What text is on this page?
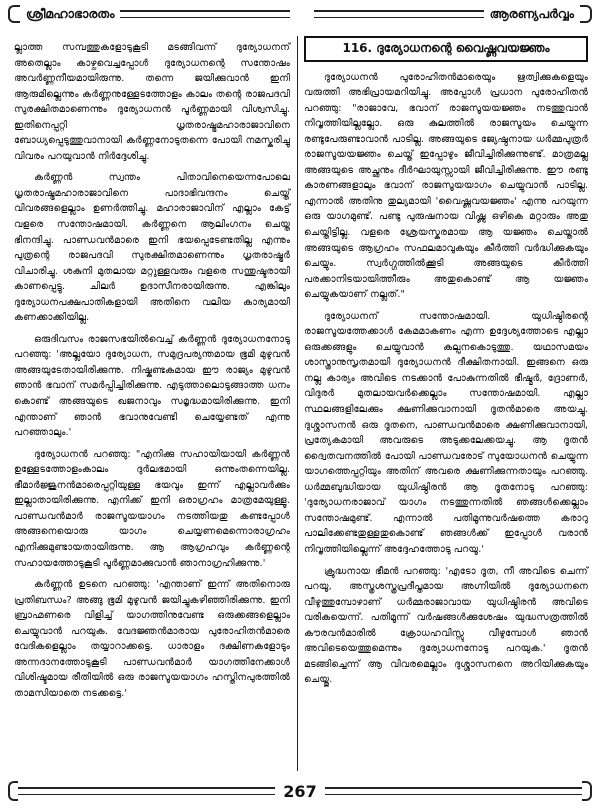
ശ്രീമഹാഭാരതം	ആരണ്യപർവ്വം

ല്ലാത്ത സമ്പത്തുകളോടുകൂടി മടങ്ങിവന്ന് ദുര്യോധനന് അതെല്ലാം കാഴ്ചവെച്ചപ്പോൾ ദുര്യോധനന്റെ സന്തോഷം അവർണ്ണനീയമായിരുന്നു. തന്നെ ജയിക്കുവാൻ ഇനി ആരുമില്ലെന്നും കർണ്ണനുള്ളേടത്തോളം കാലം തന്റെ രാജപദവി സുരക്ഷിതമാണെന്നും ദുര്യോധനൻ പൂർണ്ണമായി വിശ്വസിച്ചു. ഇതിനെപ്പറ്റി ധൃതരാഷ്ട്രമഹാരാജാവിനെ ബോധ്യപ്പെടുത്തുവാനായി കർണ്ണനോടുതന്നെ പോയി നമസ്കരിച്ചു വിവരം പറയുവാൻ നിർദ്ദേശിച്ചു.

കർണ്ണൻ സ്വന്തം പിതാവിനെയെന്നപോലെ ധൃതരാഷ്ട്രമഹാരാജാവിനെ പാദാഭിവന്ദനം ചെയ്ത് വിവരങ്ങളെല്ലാം ഉണർത്തിച്ചു. മഹാരാജാവിന് എല്ലാം കേട്ട് വളരെ സന്തോഷമായി. കർണ്ണനെ ആലിംഗനം ചെയ്ത ഭിനന്ദിച്ചു. പാണ്ഡവൻമാരെ ഇനി ഭയപ്പെടേണ്ടതില്ല എന്നും പുത്രന്റെ രാജപദവി സുരക്ഷിതമാണെന്നും ധൃതരാഷ്ട്രർ വിചാരിച്ചു. ശകുനി മുതലായ മറ്റുള്ളവരും വളരെ സന്തുഷ്ടരായി കാണപ്പെട്ടു. ചിലർ ഉദാസീനരായിരുന്നു. എങ്കിലും ദുര്യോധനപക്ഷപാതികളായി അതിനെ വലിയ കാര്യമായി കണക്കാക്കിയില്ല.

ഒരുദിവസം രാജസഭയിൽവെച്ച് കർണ്ണൻ ദുര്യോധനനോടു പറഞ്ഞു: 'അല്ലയോ ദുര്യോധന, സമുദ്രപര്യന്തമായ ഭൂമി മുഴുവൻ അങ്ങയുടേതായിരിക്കുന്നു. നിഷ്കണ്ടകമായ ഈ രാജ്യം മുഴുവൻ ഞാൻ ഭവാന് സമർപ്പിച്ചിരിക്കുന്നു. എടുത്താലൊടുങ്ങാത്ത ധനം കൊണ്ട് അങ്ങയുടെ ഖജനാവും സമൃദ്ധമായിരിക്കുന്നു. ഇനി എന്താണ് ഞാൻ ഭവാനുവേണ്ടി ചെയ്യേണ്ടത് എന്നു പറഞ്ഞാലും.'

ദുര്യോധനൻ പറഞ്ഞു: "എനിക്കു സഹായിയായി കർണ്ണൻ ഉള്ളേടത്തോളംകാലം ദുർലഭമായി ഒന്നുംതന്നെയില്ല. ഭീമാർജ്ജുനൻമാരെപ്പറ്റിയുള്ള ഭയവും ഇന്ന് എല്ലാവർക്കും ഇല്ലാതായിരിക്കുന്നു. എനിക്ക് ഇനി ഒരാഗ്രഹം മാത്രമേയുള്ളൂ. പാണ്ഡവൻമാർ രാജസൂയയാഗം നടത്തിയതു കണ്ടപ്പോൾ അങ്ങനെയൊരു യാഗം ചെയ്യണമെന്നൊരാഗ്രഹം എനിക്കുമുണ്ടായതായിരുന്നു. ആ ആഗ്രഹവും കർണ്ണന്റെ സഹായത്തോടുകൂടി പൂർണ്ണമാക്കുവാൻ ഞാനാഗ്രഹിക്കുന്നു.'

കർണ്ണൻ ഉടനെ പറഞ്ഞു: 'എന്താണ് ഇന്ന് അതിനൊരു പ്രതിബന്ധം? അങ്ങു ഭൂമി മുഴുവൻ ജയിച്ചുകഴിഞ്ഞിരിക്കുന്നു. ഇനി ബ്രാഹ്മണരെ വിളിച്ച് യാഗത്തിനുവേണ്ട ഒരുക്കങ്ങളെല്ലാം ചെയ്യുവാൻ പറയുക. വേദജ്ഞൻമാരായ പുരോഹിതൻമാരെ വേദികളെല്ലാം തയ്യാറാക്കട്ടെ. ധാരാളം ദക്ഷിണകളോടും അന്നദാനത്തോടുകൂടി പാണ്ഡവൻമാർ യാഗത്തിനേക്കാൾ വിശിഷ്ടമായ രീതിയിൽ ഒരു രാജസൂയയാഗം ഹസ്തിനപുരത്തിൽ താമസിയാതെ നടക്കട്ടെ.'

116. ദുര്യോധനന്റെ വൈഷ്ണവയജ്ഞം

ദുര്യോധനൻ പുരോഹിതൻമാരെയും ഋത്വിക്കുകളെയും വരുത്തി അഭിപ്രായമറിയിച്ചു. അപ്പോൾ പ്രധാന പുരോഹിതൻ പറഞ്ഞു: "രാജാവേ, ഭവാന് രാജസൂയയജ്ഞം നടത്തുവാൻ നിവൃത്തിയില്ലല്ലോ. ഒരു കുലത്തിൽ രാജസൂയം ചെയ്യുന്ന രണ്ടുപേരുണ്ടാവാൻ പാടില്ല. അങ്ങയുടെ ജ്യേഷ്ഠനായ ധർമ്മപുത്രർ രാജസൂയയജ്ഞം ചെയ്ത് ഇപ്പോഴും ജീവിച്ചിരിക്കുന്നുണ്ട്. മാത്രമല്ല അങ്ങയുടെ അച്ഛനും ദീർഘായുസ്സായി ജീവിച്ചിരിക്കുന്നു. ഈ രണ്ടു കാരണങ്ങളാലും ഭവാന് രാജസൂയയാഗം ചെയ്യുവാൻ പാടില്ല. എന്നാൽ അതിനു തുല്യമായി 'വൈഷ്ണവയജ്ഞം' എന്നു പറയുന്ന ഒരു യാഗമുണ്ട്. പണ്ടു പുരുഷനായ വിഷ്ണു ഒഴികെ മറ്റാരും അതു ചെയ്തിട്ടില്ല. വളരെ ശ്രേയസ്കരമായ ആ യജ്ഞം ചെയ്താൽ അങ്ങയുടെ ആഗ്രഹം സഫലമാവുകയും കീർത്തി വർദ്ധിക്കുകയും ചെയ്യും. സ്വർഗ്ഗത്തിൽക്കൂടി അങ്ങയുടെ കീർത്തി പരക്കാനിടയായിത്തീരും അതുകൊണ്ട് ആ യജ്ഞം ചെയ്യുകയാണ് നല്ലത്."

ദുര്യോധനന് സന്തോഷമായി. യുധിഷ്ഠിരന്റെ രാജസൂയത്തേക്കാൾ കേമമാകണം എന്ന ഉദ്ദേശ്യത്തോടെ എല്ലാ ഒരുക്കങ്ങളും ചെയ്യുവാൻ കല്പനകൊടുത്തു. യഥാസമയം ശാസ്ത്രാനുസൃതമായി ദുര്യോധനൻ ദീക്ഷിതനായി. ഇങ്ങനെ ഒരു നല്ല കാര്യം അവിടെ നടക്കാൻ പോകുന്നതിൽ ഭീഷ്മർ, ദ്രോണർ, വിദുരർ മുതലായവർക്കെല്ലാം സന്തോഷമായി. എല്ലാ സ്ഥലങ്ങളിലേക്കും ക്ഷണിക്കുവാനായി ദൂതൻമാരെ അയച്ചു. ദുശ്ശാസനൻ ഒരു ദൂതനെ, പാണ്ഡവൻമാരെ ക്ഷണിക്കുവാനായി, പ്രത്യേകമായി അവരുടെ അടുക്കലേക്കയച്ചു. ആ ദൂതൻ ദ്വൈതവനത്തിൽ പോയി പാണ്ഡവരോട് സുയോധനൻ ചെയ്യുന്ന യാഗത്തെപ്പറ്റിയും അതിന് അവരെ ക്ഷണിക്കുന്നതായും പറഞ്ഞു. ധർമ്മബുദ്ധിയായ യുധിഷ്ഠിരൻ ആ ദൂതനോടു പറഞ്ഞു: 'ദുര്യോധനരാജാവ് യാഗം നടത്തുന്നതിൽ ഞങ്ങൾക്കെല്ലാം സന്തോഷമുണ്ട്. എന്നാൽ പതിമൂന്നുവർഷത്തെ കരാറു പാലിക്കേണ്ടതുള്ളതുകൊണ്ട് ഞങ്ങൾക്ക് ഇപ്പോൾ വരാൻ നിവൃത്തിയില്ലെന്ന് അദ്ദേഹത്തോടു പറയൂ.'

ക്രുദ്ധനായ ഭീമൻ പറഞ്ഞു: 'എടോ ദൂത, നീ അവിടെ ചെന്ന് പറയൂ, അസ്ത്രശസ്ത്രപ്രദീപ്തമായ അഗ്നിയിൽ ദുര്യോധനനെ വീഴുത്തുമ്പോഴാണ് ധർമ്മരാജാവായ യുധിഷ്ഠിരൻ അവിടെ വരികയെന്ന്. പതിമൂന്ന് വർഷങ്ങൾക്കുശേഷം യുദ്ധസത്രത്തിൽ കൗരവൻമാരിൽ ക്രോധഹവിസ്സു വീഴുമ്പോൾ ഞാൻ അവിടെയെത്തുമെന്നും ദുര്യോധനനോടു പറയുക.' ദൂതൻ മടങ്ങിച്ചെന്ന് ആ വിവരമെല്ലാം ദുശ്ശാസനനെ അറിയിക്കുകയും ചെയ്തു.

267
